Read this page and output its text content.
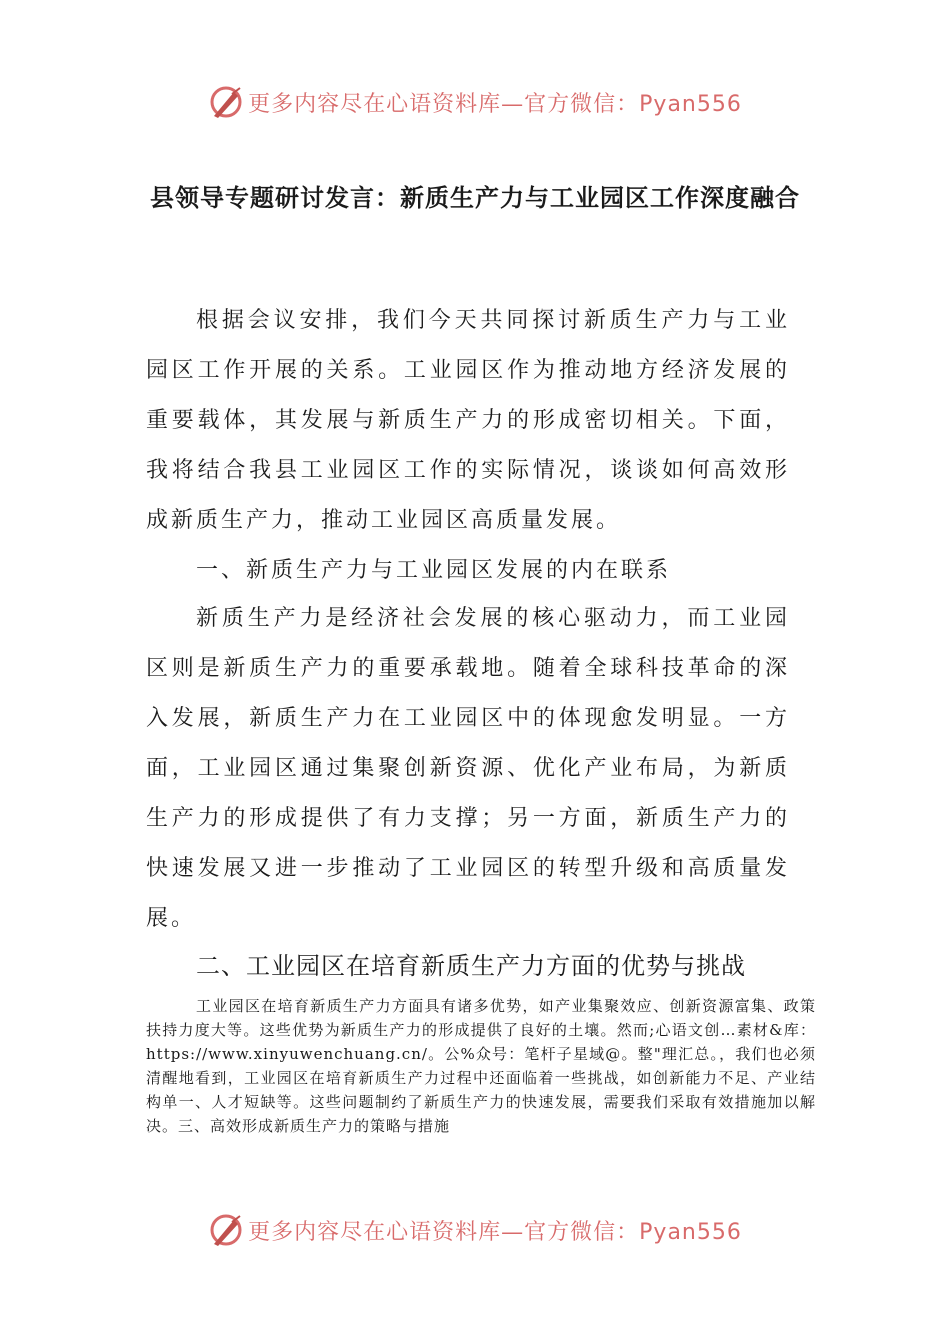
更多内容尽在心语资料库—官方微信：Pyan556
县领导专题研讨发言：新质生产力与工业园区工作深度融合
根据会议安排，我们今天共同探讨新质生产力与工业园区工作开展的关系。工业园区作为推动地方经济发展的重要载体，其发展与新质生产力的形成密切相关。下面，我将结合我县工业园区工作的实际情况，谈谈如何高效形成新质生产力，推动工业园区高质量发展。
一、新质生产力与工业园区发展的内在联系
新质生产力是经济社会发展的核心驱动力，而工业园区则是新质生产力的重要承载地。随着全球科技革命的深入发展，新质生产力在工业园区中的体现愈发明显。一方面，工业园区通过集聚创新资源、优化产业布局，为新质生产力的形成提供了有力支撑；另一方面，新质生产力的快速发展又进一步推动了工业园区的转型升级和高质量发展。
二、工业园区在培育新质生产力方面的优势与挑战
工业园区在培育新质生产力方面具有诸多优势，如产业集聚效应、创新资源富集、政策扶持力度大等。这些优势为新质生产力的形成提供了良好的土壤。然而;心语文创…素材&库：https://www.xinyuwenchuang.cn/。公%众号：笔杆子星域@。整"理汇总。，我们也必须清醒地看到，工业园区在培育新质生产力过程中还面临着一些挑战，如创新能力不足、产业结构单一、人才短缺等。这些问题制约了新质生产力的快速发展，需要我们采取有效措施加以解决。三、高效形成新质生产力的策略与措施
更多内容尽在心语资料库—官方微信：Pyan556
